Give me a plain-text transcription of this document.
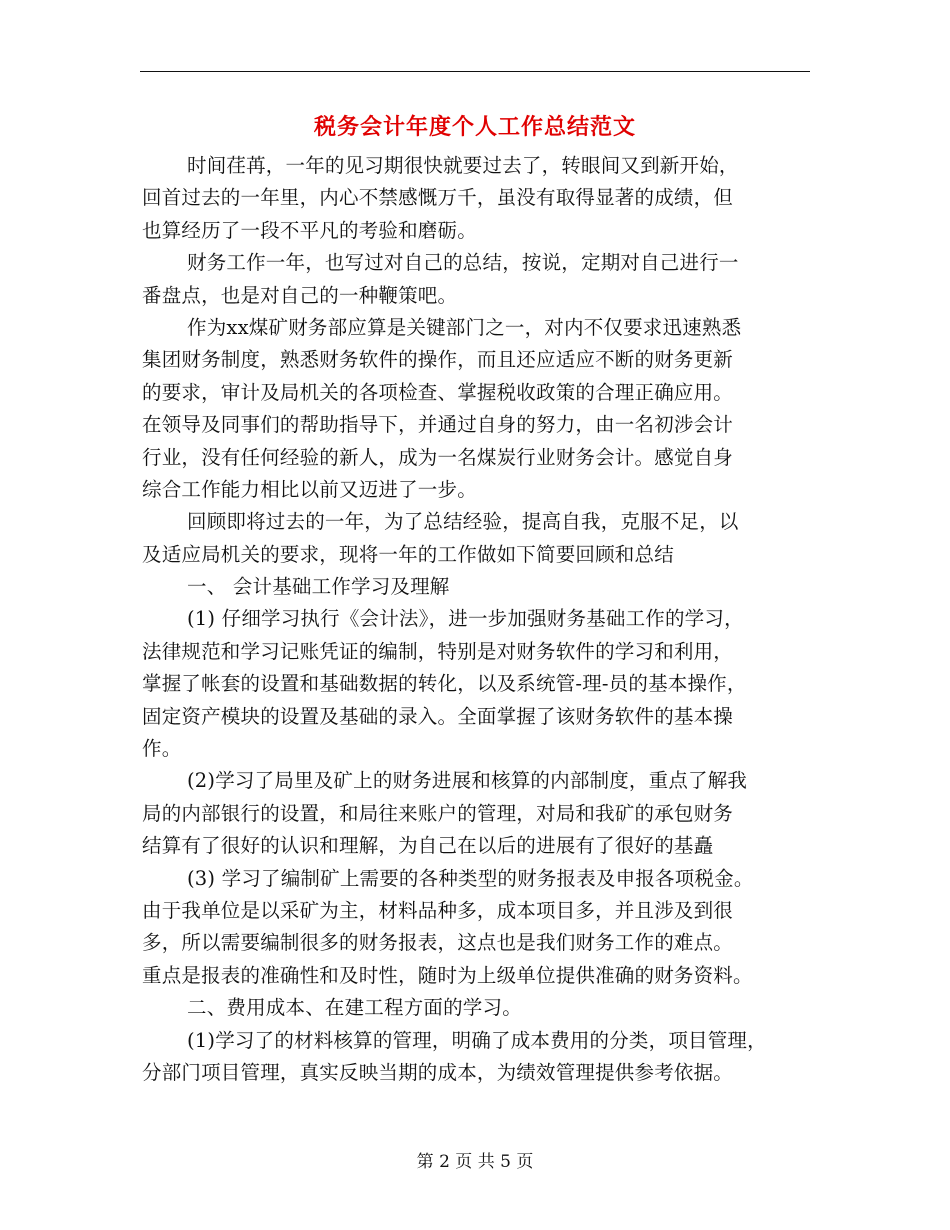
税务会计年度个人工作总结范文
时间荏苒，一年的见习期很快就要过去了，转眼间又到新开始，
回首过去的一年里，内心不禁感慨万千，虽没有取得显著的成绩，但
也算经历了一段不平凡的考验和磨砺。
财务工作一年，也写过对自己的总结，按说，定期对自己进行一
番盘点，也是对自己的一种鞭策吧。
作为xx煤矿财务部应算是关键部门之一，对内不仅要求迅速熟悉
集团财务制度，熟悉财务软件的操作，而且还应适应不断的财务更新
的要求，审计及局机关的各项检查、掌握税收政策的合理正确应用。
在领导及同事们的帮助指导下，并通过自身的努力，由一名初涉会计
行业，没有任何经验的新人，成为一名煤炭行业财务会计。感觉自身
综合工作能力相比以前又迈进了一步。
回顾即将过去的一年，为了总结经验，提高自我，克服不足，以
及适应局机关的要求，现将一年的工作做如下简要回顾和总结
一、 会计基础工作学习及理解
(1) 仔细学习执行《会计法》，进一步加强财务基础工作的学习，
法律规范和学习记账凭证的编制，特别是对财务软件的学习和利用，
掌握了帐套的设置和基础数据的转化，以及系统管-理-员的基本操作，
固定资产模块的设置及基础的录入。全面掌握了该财务软件的基本操
作。
(2)学习了局里及矿上的财务进展和核算的内部制度，重点了解我
局的内部银行的设置，和局往来账户的管理，对局和我矿的承包财务
结算有了很好的认识和理解，为自己在以后的进展有了很好的基矗
(3) 学习了编制矿上需要的各种类型的财务报表及申报各项税金。
由于我单位是以采矿为主，材料品种多，成本项目多，并且涉及到很
多，所以需要编制很多的财务报表，这点也是我们财务工作的难点。
重点是报表的准确性和及时性，随时为上级单位提供准确的财务资料。
二、费用成本、在建工程方面的学习。
(1)学习了的材料核算的管理，明确了成本费用的分类，项目管理，
分部门项目管理，真实反映当期的成本，为绩效管理提供参考依据。
第 2 页 共 5 页
